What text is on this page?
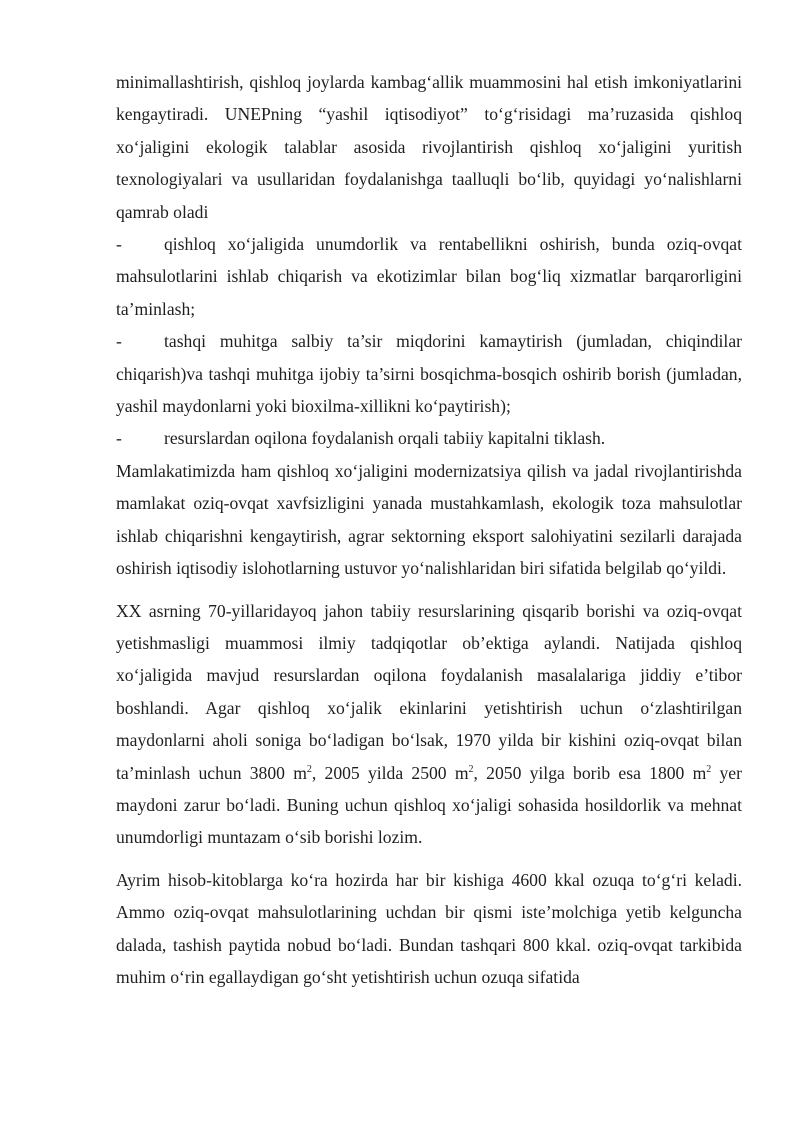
minimallashtirish, qishloq joylarda kambag‘allik muammosini hal etish imkoniyatlarini kengaytiradi. UNEPning “yashil iqtisodiyot” to‘g‘risidagi ma’ruzasida qishloq xo‘jaligini ekologik talablar asosida rivojlantirish qishloq xo‘jaligini yuritish texnologiyalari va usullaridan foydalanishga taalluqli bo‘lib, quyidagi yo‘nalishlarni qamrab oladi

- qishloq xo‘jaligida unumdorlik va rentabellikni oshirish, bunda oziq-ovqat mahsulotlarini ishlab chiqarish va ekotizimlar bilan bog‘liq xizmatlar barqarorligini ta’minlash;
- tashqi muhitga salbiy ta’sir miqdorini kamaytirish (jumladan, chiqindilar chiqarish)va tashqi muhitga ijobiy ta’sirni bosqichma-bosqich oshirib borish (jumladan, yashil maydonlarni yoki bioxilma-xillikni ko‘paytirish);
- resurslardan oqilona foydalanish orqali tabiiy kapitalni tiklash.

Mamlakatimizda ham qishloq xo‘jaligini modernizatsiya qilish va jadal rivojlantirishda mamlakat oziq-ovqat xavfsizligini yanada mustahkamlash, ekologik toza mahsulotlar ishlab chiqarishni kengaytirish, agrar sektorning eksport salohiyatini sezilarli darajada oshirish iqtisodiy islohotlarning ustuvor yo‘nalishlaridan biri sifatida belgilab qo‘yildi.

XX asrning 70-yillaridayoq jahon tabiiy resurslarining qisqarib borishi va oziq-ovqat yetishmasligi muammosi ilmiy tadqiqotlar ob’ektiga aylandi. Natijada qishloq xo‘jaligida mavjud resurslardan oqilona foydalanish masalalariga jiddiy e’tibor boshlandi. Agar qishloq xo‘jalik ekinlarini yetishtirish uchun o‘zlashtirilgan maydonlarni aholi soniga bo‘ladigan bo‘lsak, 1970 yilda bir kishini oziq-ovqat bilan ta’minlash uchun 3800 $m^2$, 2005 yilda 2500 $m^2$, 2050 yilga borib esa 1800 $m^2$ yer maydoni zarur bo‘ladi. Buning uchun qishloq xo‘jaligi sohasida hosildorlik va mehnat unumdorligi muntazam o‘sib borishi lozim.

Ayrim hisob-kitoblarga ko‘ra hozirda har bir kishiga 4600 kkal ozuqa to‘g‘ri keladi. Ammo oziq-ovqat mahsulotlarining uchdan bir qismi iste’molchiga yetib kelguncha dalada, tashish paytida nobud bo‘ladi. Bundan tashqari 800 kkal. oziq-ovqat tarkibida muhim o‘rin egallaydigan go‘sht yetishtirish uchun ozuqa sifatida
